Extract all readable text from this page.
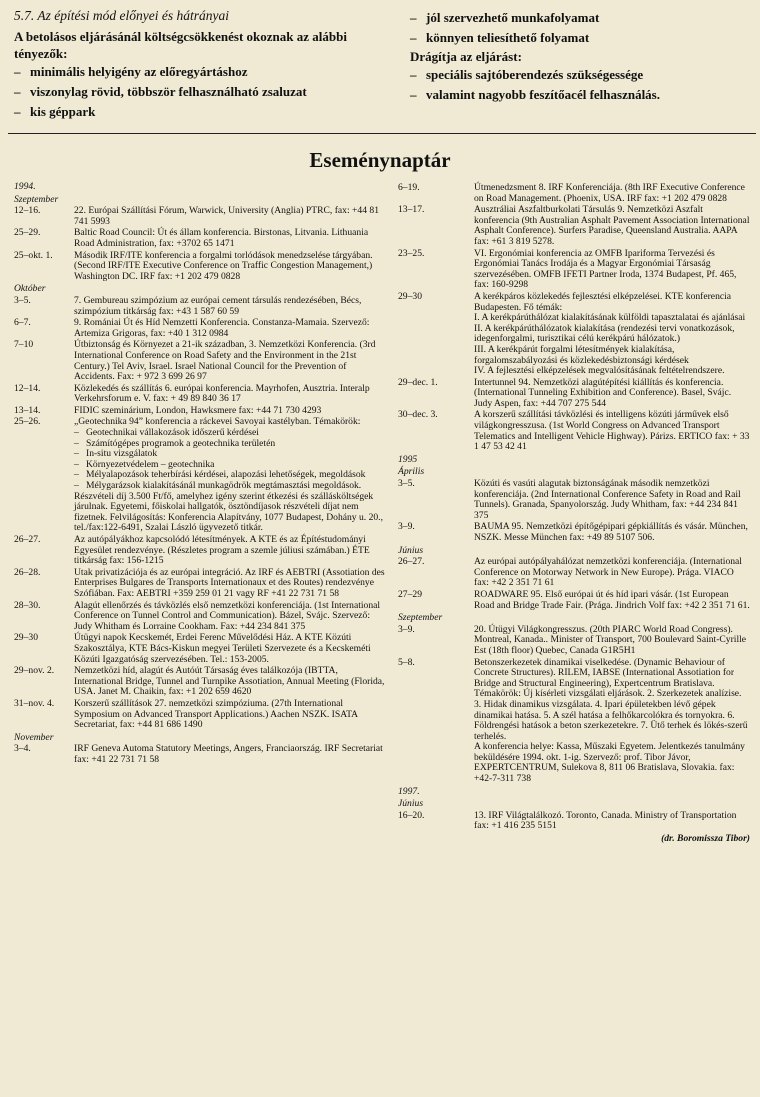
5.7. Az építési mód előnyei és hátrányai
A betolásos eljárásánál költségcsökkenést okoznak az alábbi tényezők:
– minimális helyigény az előregyártáshoz
– viszonylag rövid, többször felhasználható zsaluzat
– kis géppark
– jól szervezhető munkafolyamat
– könnyen teliesíthető folyamat
Drágítja az eljárást:
– speciális sajtóberendezés szükségessége
– valamint nagyobb feszítőacél felhasználás.
Eseménynaptár
1994.
Szeptember
12–16.	22. Európai Szállítási Fórum, Warwick, University (Anglia) PTRC, fax: +44 81 741 5993

25–29.	Baltic Road Council: Út és állam konferencia. Birstonas, Litvania. Lithuania Road Administration, fax: +3702 65 1471

25–okt. 1.	Második IRF/ITE konferencia a forgalmi torlódások menedzselése tárgyában. (Second IRF/ITE Executive Conference on Traffic Congestion Management,) Washington DC. IRF fax: +1 202 479 0828

Október
3–5.	7. Gembureau szimpózium az európai cement társulás rendezésében, Bécs, szimpózium titkárság fax: +43 1 587 60 59

6–7.	9. Romániai Út és Híd Nemzetti Konferencia. Constanza-Mamaia. Szervező: Artemiza Grigoras, fax: +40 1 312 0984

7–10	Útbiztonság és Környezet a 21-ik században, 3. Nemzetközi Konferencia. (3rd International Conference on Road Safety and the Environment in the 21st Century.) Tel Aviv, Israel. Israel National Council for the Prevention of Accidents. Fax: + 972 3 699 26 97

12–14.	Közlekedés és szállítás 6. európai konferencia. Mayrhofen, Ausztria. Interalp Verkehrsforum e. V. fax: + 49 89 840 36 17

13–14.	FIDIC szeminárium, London, Hawksmere fax: +44 71 730 4293

25–26.	„Geotechnika 94” konferencia a ráckevei Savoyai kastélyban. Témakörök:

– Geotechnikai vállakozások időszerű kérdései
– Számítógépes programok a geotechnika területén
– In-situ vizsgálatok
– Környezetvédelem – geotechnika
– Mélyalapozások teherbírási kérdései, alapozási lehetőségek, megoldások
– Mélygarázsok kialakításánál munkagödrök megtámasztási megoldások.

Részvételi díj 3.500 Ft/fő, amelyhez igény szerint étkezési és szállásköltségek járulnak. Egyetemi, főiskolai hallgatók, ösztöndíjasok részvételi díjat nem fizetnek. Felvilágosítás: Konferencia Alapítvány, 1077 Budapest, Dohány u. 20., tel./fax:122-6491, Szalai László ügyvezető titkár.

26–27.	Az autópályákhoz kapcsolódó létesítmények. A KTE és az Építéstudományi Egyesület rendezvénye. (Részletes program a szemle júliusi számában.) ÉTE titkárság fax: 156-1215

26–28.	Utak privatizációja és az európai integráció. Az IRF és AEBTRI (Assotiation des Enterprises Bulgares de Transports Internationaux et des Routes) rendezvénye Szófiában. Fax: AEBTRI +359 259 01 21 vagy RF +41 22 731 71 58

28–30.	Alagút ellenőrzés és távközlés első nemzetközi konferenciája. (1st International Conference on Tunnel Control and Communication). Bázel, Svájc. Szervező: Judy Whitham és Lorraine Cookham. Fax: +44 234 841 375

29–30	Útügyi napok Kecskemét, Erdei Ferenc Művelődési Ház. A KTE Közúti Szakosztálya, KTE Bács-Kiskun megyei Területi Szervezete és a Kecskeméti Közúti Igazgatóság szervezésében. Tel.: 153-2005.

29–nov. 2.	Nemzetközi híd, alagút és Autóút Társaság éves találkozója (IBTTA, International Bridge, Tunnel and Turnpike Assotiation, Annual Meeting (Florida, USA. Janet M. Chaikin, fax: +1 202 659 4620

31–nov. 4.	Korszerű szállítások 27. nemzetközi szimpóziuma. (27th International Symposium on Advanced Transport Applications.) Aachen NSZK. ISATA Secretariat, fax: +44 81 686 1490

November
3–4.	IRF Geneva Automa Statutory Meetings, Angers, Franciaország. IRF Secretariat fax: +41 22 731 71 58

6–19.	Útmenedzsment 8. IRF Konferenciája. (8th IRF Executive Conference on Road Management. (Phoenix, USA. IRF fax: +1 202 479 0828

13–17.	Ausztráliai Aszfaltburkolati Társulás 9. Nemzetközi Aszfalt konferencia (9th Australian Asphalt Pavement Association International Asphalt Conference). Surfers Paradise, Queensland Australia. AAPA fax: +61 3 819 5278.

23–25.	VI. Ergonómiai konferencia az OMFB Ipariforma Tervezési és Ergonómiai Tanács Irodája és a Magyar Ergonómiai Társaság szervezésében. OMFB IFETI Partner Iroda, 1374 Budapest, Pf. 465, fax: 160-9298

29–30	A kerékpáros közlekedés fejlesztési elképzelései. KTE konferencia Budapesten. Fő témák:

I. A kerékpárúthálózat kialakításának külföldi tapasztalatai és ajánlásai

II. A kerékpárúthálózatok kialakítása (rendezési tervi vonatkozások, idegenforgalmi, turisztikai célú kerékpárú hálózatok.)

III. A kerékpárút forgalmi létesítmények kialakítása, forgalomszabályozási és közlekedésbiztonsági kérdések

IV. A fejlesztési elképzelések megvalósításának feltételrendszere.

29–dec. 1.	Intertunnel 94. Nemzetközi alagútépítési kiállítás és konferencia. (International Tunneling Exhibition and Conference). Basel, Svájc. Judy Aspen, fax: +44 707 275 544

30–dec. 3.	A korszerű szállítási távközlési és intelligens közúti járművek első világkongresszusa. (1st World Congress on Advanced Transport Telematics and Intelligent Vehicle Highway). Párizs. ERTICO fax: + 33 1 47 53 42 41

1995
Április
3–5.	Közúti és vasúti alagutak biztonságának második nemzetközi konferenciája. (2nd International Conference Safety in Road and Rail Tunnels). Granada, Spanyolország. Judy Whitham, fax: +44 234 841 375

3–9.	BAUMA 95. Nemzetközi építőgépipari gépkiállítás és vásár. München, NSZK. Messe München fax: +49 89 5107 506.

Június
26–27.	Az európai autópályahálózat nemzetközi konferenciája. (International Conference on Motorway Network in New Europe). Prága. VIACO fax: +42 2 351 71 61

27–29	ROADWARE 95. Első európai út és híd ipari vásár. (1st European Road and Bridge Trade Fair. (Prága. Jindrich Volf fax: +42 2 351 71 61.

Szeptember
3–9.	20. Útügyi Világkongresszus. (20th PIARC World Road Congress). Montreal, Kanada.. Minister of Transport, 700 Boulevard Saint-Cyrille Est (18th floor) Quebec, Canada G1R5H1

5–8.	Betonszerkezetek dinamikai viselkedése. (Dynamic Behaviour of Concrete Structures). RILEM, IABSE (International Assotiation for Bridge and Structural Engineering), Expertcentrum Bratislava. Témakörök: Új kísérleti vizsgálati eljárások. 2. Szerkezetek analízise. 3. Hidak dinamikus vizsgálata. 4. Ipari épületekben lévő gépek dinamikai hatása. 5. A szél hatása a felhőkarcolókra és tornyokra. 6. Földrengési hatások a beton szerkezetekre. 7. Ütő terhek és lökés-szerű terhelés.

A konferencia helye: Kassa, Műszaki Egyetem. Jelentkezés tanulmány beküldésére 1994. okt. 1-ig. Szervező: prof. Tibor Jávor, EXPERTCENTRUM, Sulekova 8, 811 06 Bratislava, Slovakia. fax: +42-7-311 738

1997.
Június
16–20.	13. IRF Világtalálkozó. Toronto, Canada. Ministry of Transportation fax: +1 416 235 5151

(dr. Boromissza Tibor)
